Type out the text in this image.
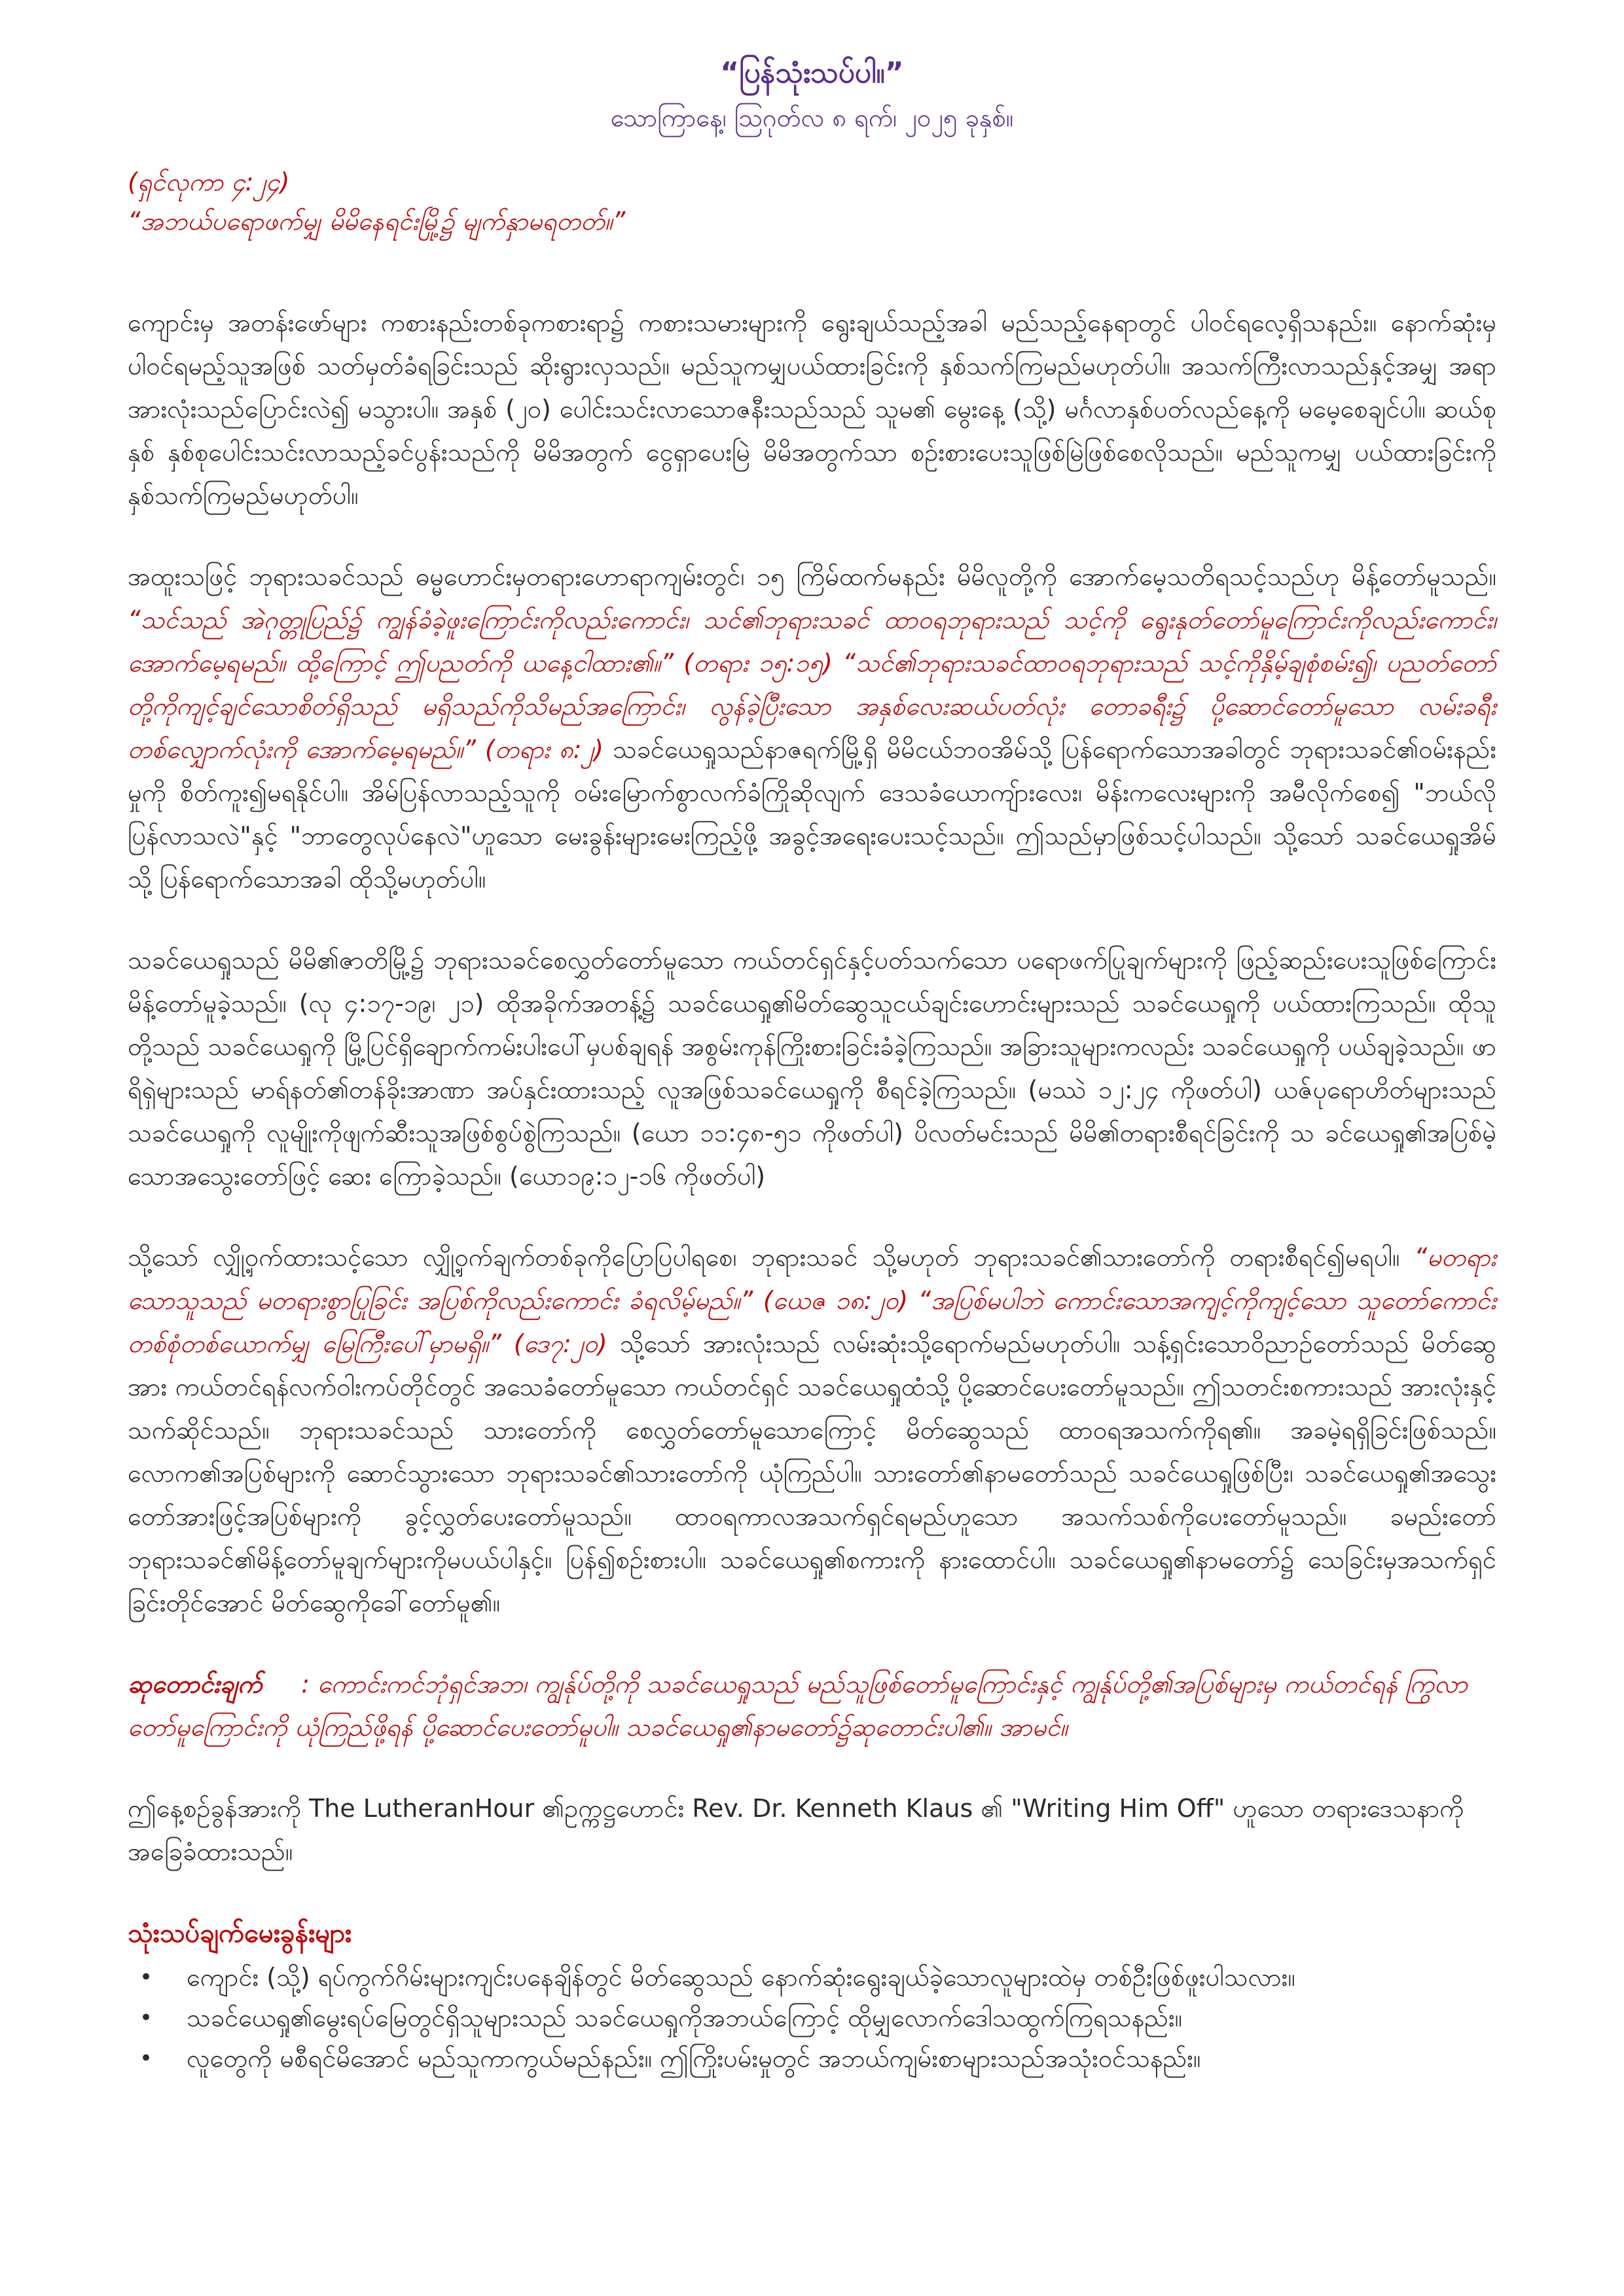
“ပြန်သုံးသပ်ပါ။”
သောကြာနေ့၊ ဩဂုတ်လ ၈ ရက်၊ ၂၀၂၅ ခုနှစ်။
(ရှင်လုကာ ၄:၂၄)
“အဘယ်ပရောဖက်မျှ မိမိနေရင်းမြို့၌ မျက်နှာမရတတ်။”
ကျောင်းမှ အတန်းဖော်များ ကစားနည်းတစ်ခုကစားရာ၌ ကစားသမားများကို ရွေးချယ်သည့်အခါ မည်သည့်နေရာတွင် ပါဝင်ရလေ့ရှိသနည်း။ နောက်ဆုံးမှ ပါဝင်ရမည့်သူအဖြစ် သတ်မှတ်ခံရခြင်းသည် ဆိုးရွားလှသည်။ မည်သူကမျှပယ်ထားခြင်းကို နှစ်သက်ကြမည်မဟုတ်ပါ။ အသက်ကြီးလာသည်နှင့်အမျှ အရာအားလုံးသည်ပြောင်းလဲ၍ မသွားပါ။ အနှစ် (၂၀) ပေါင်းသင်းလာသောဇနီးသည်သည် သူမ၏ မွေးနေ့ (သို့) မင်္ဂလာနှစ်ပတ်လည်နေ့ကို မမေ့စေချင်ပါ။ ဆယ်စုနှစ် နှစ်စုပေါင်းသင်းလာသည့်ခင်ပွန်းသည်ကို မိမိအတွက် ငွေရှာပေးမြဲ မိမိအတွက်သာ စဉ်းစားပေးသူဖြစ်မြဲဖြစ်စေလိုသည်။ မည်သူကမျှ ပယ်ထားခြင်းကို နှစ်သက်ကြမည်မဟုတ်ပါ။
အထူးသဖြင့် ဘုရားသခင်သည် ဓမ္မဟောင်းမှတရားဟောရာကျမ်းတွင်၊ ၁၅ ကြိမ်ထက်မနည်း မိမိလူတို့ကို အောက်မေ့သတိရသင့်သည်ဟု မိန့်တော်မူသည်။ “သင်သည် အဲဂုတ္တုပြည်၌ ကျွန်ခံခဲ့ဖူးကြောင်းကိုလည်းကောင်း၊ သင်၏ဘုရားသခင် ထာဝရဘုရားသည် သင့်ကို ရွေးနုတ်တော်မူကြောင်းကိုလည်းကောင်း၊ အောက်မေ့ရမည်။ ထို့ကြောင့် ဤပညတ်ကို ယနေ့ငါထား၏။” (တရား ၁၅:၁၅) “သင်၏ဘုရားသခင်ထာဝရဘုရားသည် သင့်ကိုနှိမ့်ချစုံစမ်း၍၊ ပညတ်တော်တို့ကိုကျင့်ချင်သောစိတ်ရှိသည် မရှိသည်ကိုသိမည်အကြောင်း၊ လွန်ခဲ့ပြီးသော အနှစ်လေးဆယ်ပတ်လုံး တောခရီး၌ ပို့ဆောင်တော်မူသော လမ်းခရီးတစ်လျှောက်လုံးကို အောက်မေ့ရမည်။” (တရား ၈:၂) သခင်ယေရှုသည်နာဇရက်မြို့ရှိ မိမိငယ်ဘဝအိမ်သို့ ပြန်ရောက်သောအခါတွင် ဘုရားသခင်၏ဝမ်းနည်းမှုကို စိတ်ကူး၍မရနိုင်ပါ။ အိမ်ပြန်လာသည့်သူကို ဝမ်းမြောက်စွာလက်ခံကြိုဆိုလျက် ဒေသခံယောကျ်ားလေး၊ မိန်းကလေးများကို အမီလိုက်စေ၍ "ဘယ်လိုပြန်လာသလဲ"နှင့် "ဘာတွေလုပ်နေလဲ"ဟူသော မေးခွန်းများမေးကြည့်ဖို့ အခွင့်အရေးပေးသင့်သည်။ ဤသည်မှာဖြစ်သင့်ပါသည်။ သို့သော် သခင်ယေရှုအိမ်သို့ ပြန်ရောက်သောအခါ ထိုသို့မဟုတ်ပါ။
သခင်ယေရှုသည် မိမိ၏ဇာတိမြို့၌ ဘုရားသခင်စေလွှတ်တော်မူသော ကယ်တင်ရှင်နှင့်ပတ်သက်သော ပရောဖက်ပြုချက်များကို ဖြည့်ဆည်းပေးသူဖြစ်ကြောင်း မိန့်တော်မူခဲ့သည်။ (လု ၄:၁၇-၁၉၊ ၂၁) ထိုအခိုက်အတန့်၌ သခင်ယေရှု၏မိတ်ဆွေသူငယ်ချင်းဟောင်းများသည် သခင်ယေရှုကို ပယ်ထားကြသည်။ ထိုသူတို့သည် သခင်ယေရှုကို မြို့ပြင်ရှိချောက်ကမ်းပါးပေါ်မှပစ်ချရန် အစွမ်းကုန်ကြိုးစားခြင်းခံခဲ့ကြသည်။ အခြားသူများကလည်း သခင်ယေရှုကို ပယ်ချခဲ့သည်။ ဖာရိရှဲများသည် မာရ်နတ်၏တန်ခိုးအာဏာ အပ်နှင်းထားသည့် လူအဖြစ်သခင်ယေရှုကို စီရင်ခဲ့ကြသည်။ (မဿဲ ၁၂:၂၄ ကိုဖတ်ပါ) ယဇ်ပုရောဟိတ်များသည် သခင်ယေရှုကို လူမျိုးကိုဖျက်ဆီးသူအဖြစ်စွပ်စွဲကြသည်။ (ယော ၁၁:၄၈-၅၁ ကိုဖတ်ပါ) ပိလတ်မင်းသည် မိမိ၏တရားစီရင်ခြင်းကို သ ခင်ယေရှု၏အပြစ်မဲ့သောအသွေးတော်ဖြင့် ဆေး ကြောခဲ့သည်။ (ယော၁၉:၁၂-၁၆ ကိုဖတ်ပါ)
သို့သော် လျှို့ဝှက်ထားသင့်သော လျှို့ဝှက်ချက်တစ်ခုကိုပြောပြပါရစေ၊ ဘုရားသခင် သို့မဟုတ် ဘုရားသခင်၏သားတော်ကို တရားစီရင်၍မရပါ။ “မတရားသောသူသည် မတရားစွာပြုခြင်း အပြစ်ကိုလည်းကောင်း ခံရလိမ့်မည်။” (ယေဇ ၁၈:၂၀) “အပြစ်မပါဘဲ ကောင်းသောအကျင့်ကိုကျင့်သော သူတော်ကောင်းတစ်စုံတစ်ယောက်မျှ မြေကြီးပေါ်မှာမရှိ။” (ဒေ၇:၂၀) သို့သော် အားလုံးသည် လမ်းဆုံးသို့ရောက်မည်မဟုတ်ပါ။ သန့်ရှင်းသောဝိညာဉ်တော်သည် မိတ်ဆွေအား ကယ်တင်ရန်လက်ဝါးကပ်တိုင်တွင် အသေခံတော်မူသော ကယ်တင်ရှင် သခင်ယေရှုထံသို့ ပို့ဆောင်ပေးတော်မူသည်။ ဤသတင်းစကားသည် အားလုံးနှင့်သက်ဆိုင်သည်။ ဘုရားသခင်သည် သားတော်ကို စေလွှတ်တော်မူသောကြောင့် မိတ်ဆွေသည် ထာဝရအသက်ကိုရ၏။ အခမဲ့ရရှိခြင်းဖြစ်သည်။ လောက၏အပြစ်များကို ဆောင်သွားသော ဘုရားသခင်၏သားတော်ကို ယုံကြည်ပါ။ သားတော်၏နာမတော်သည် သခင်ယေရှုဖြစ်ပြီး၊ သခင်ယေရှု၏အသွေးတော်အားဖြင့်အပြစ်များကို ခွင့်လွှတ်ပေးတော်မူသည်။ ထာဝရကာလအသက်ရှင်ရမည်ဟူသော အသက်သစ်ကိုပေးတော်မူသည်။ ခမည်းတော်ဘုရားသခင်၏မိန့်တော်မူချက်များကိုမပယ်ပါနှင့်။ ပြန်၍စဉ်းစားပါ။ သခင်ယေရှု၏စကားကို နားထောင်ပါ။ သခင်ယေရှု၏နာမတော်၌ သေခြင်းမှအသက်ရှင်ခြင်းတိုင်အောင် မိတ်ဆွေကိုခေါ်တော်မူ၏။
ဆုတောင်းချက် : ကောင်းကင်ဘုံရှင်အဘ၊ ကျွန်ုပ်တို့ကို သခင်ယေရှုသည် မည်သူဖြစ်တော်မူကြောင်းနှင့် ကျွန်ုပ်တို့၏အပြစ်များမှ ကယ်တင်ရန် ကြွလာတော်မူကြောင်းကို ယုံကြည်ဖို့ရန် ပို့ဆောင်ပေးတော်မူပါ။ သခင်ယေရှု၏နာမတော်၌ဆုတောင်းပါ၏။ အာမင်။
ဤနေ့စဉ်ခွန်အားကို The LutheranHour ၏ဥက္ကဋ္ဌဟောင်း Rev. Dr. Kenneth Klaus ၏ "Writing Him Off" ဟူသော တရားဒေသနာကို အခြေခံထားသည်။
သုံးသပ်ချက်မေးခွန်းများ
• ကျောင်း (သို့) ရပ်ကွက်ဂိမ်းများကျင်းပနေချိန်တွင် မိတ်ဆွေသည် နောက်ဆုံးရွေးချယ်ခဲ့သောလူများထဲမှ တစ်ဦးဖြစ်ဖူးပါသလား။
• သခင်ယေရှု၏မွေးရပ်မြေတွင်ရှိသူများသည် သခင်ယေရှုကိုအဘယ်ကြောင့် ထိုမျှလောက်ဒေါသထွက်ကြရသနည်း။
• လူတွေကို မစီရင်မိအောင် မည်သူကာကွယ်မည်နည်း။ ဤကြိုးပမ်းမှုတွင် အဘယ်ကျမ်းစာများသည်အသုံးဝင်သနည်း။
